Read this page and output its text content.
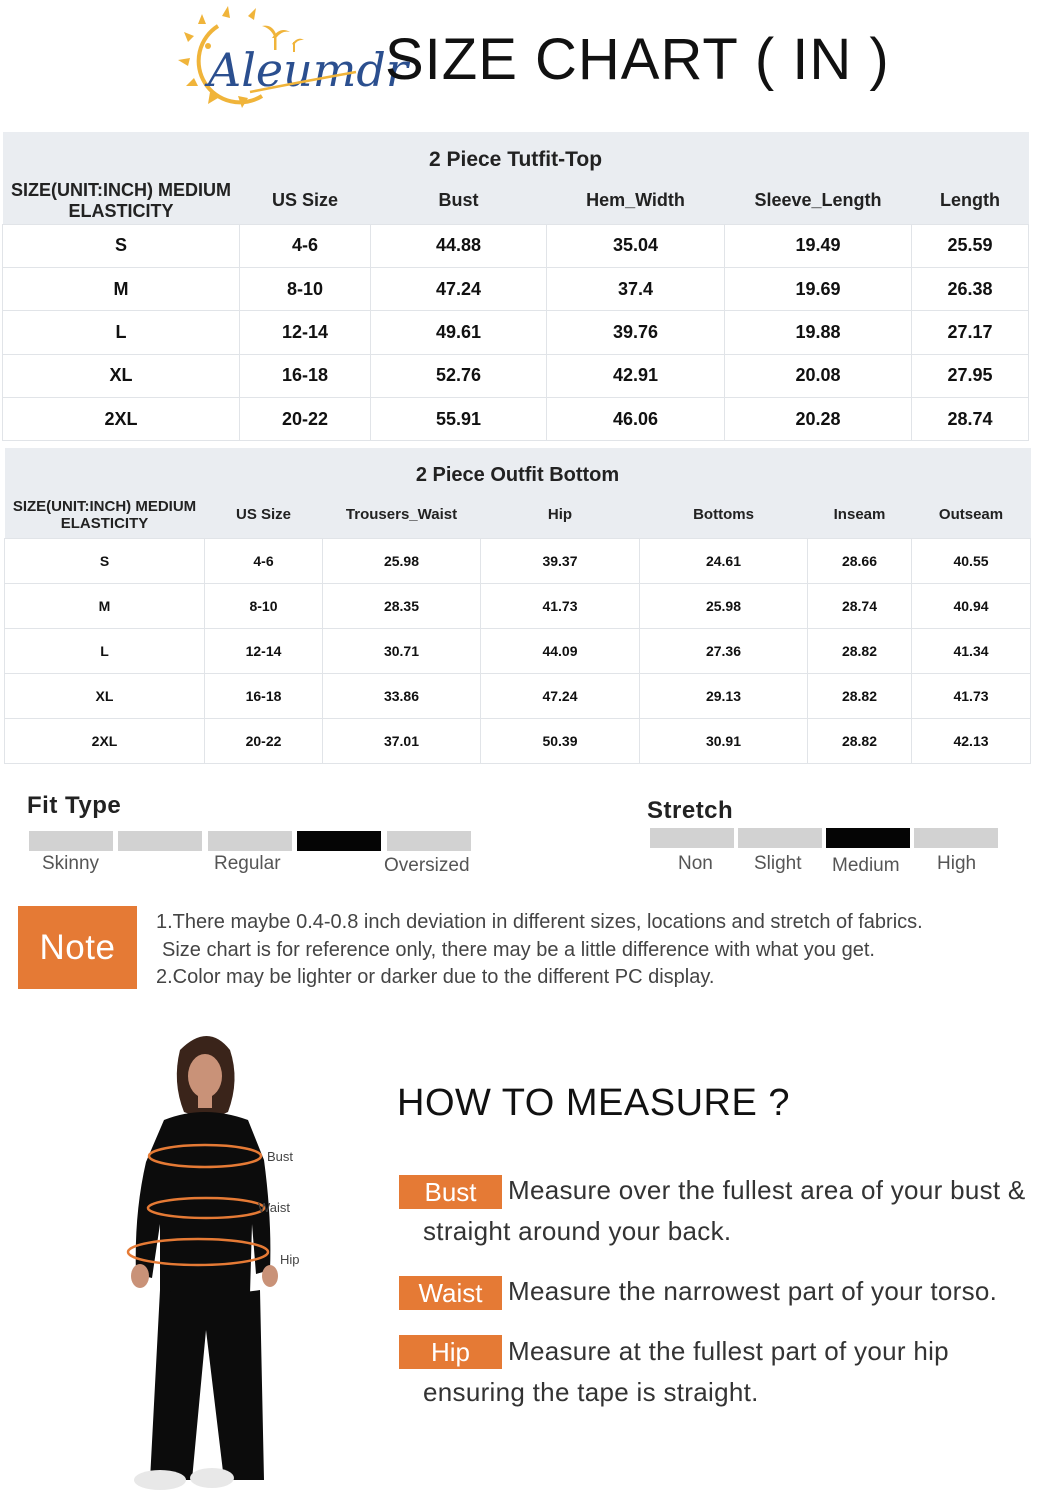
Aleumdr
SIZE CHART ( IN )
2 Piece Tutfit-Top					
SIZE(UNIT:INCH) MEDIUM ELASTICITY	US Size	Bust	Hem_Width	Sleeve_Length	Length
S	4-6	44.88	35.04	19.49	25.59
M	8-10	47.24	37.4	19.69	26.38
L	12-14	49.61	39.76	19.88	27.17
XL	16-18	52.76	42.91	20.08	27.95
2XL	20-22	55.91	46.06	20.28	28.74
2 Piece Outfit Bottom						
SIZE(UNIT:INCH) MEDIUM ELASTICITY	US Size	Trousers_Waist	Hip	Bottoms	Inseam	Outseam
S	4-6	25.98	39.37	24.61	28.66	40.55
M	8-10	28.35	41.73	25.98	28.74	40.94
L	12-14	30.71	44.09	27.36	28.82	41.34
XL	16-18	33.86	47.24	29.13	28.82	41.73
2XL	20-22	37.01	50.39	30.91	28.82	42.13
Fit Type
Skinny	Regular	Oversized
Stretch
Non Slight Medium High
Note
1.There maybe 0.4-0.8 inch deviation in different sizes, locations and stretch of fabrics.
Size chart is for reference only, there may be a little difference with what you get.
2.Color may be lighter or darker due to the different PC display.
Bust
Waist
Hip
HOW TO MEASURE ?
Bust	Measure over the fullest area of your bust &
straight around your back.
Waist Measure the narrowest part of your torso.
Hip	Measure at the fullest part of your hip
ensuring the tape is straight.
